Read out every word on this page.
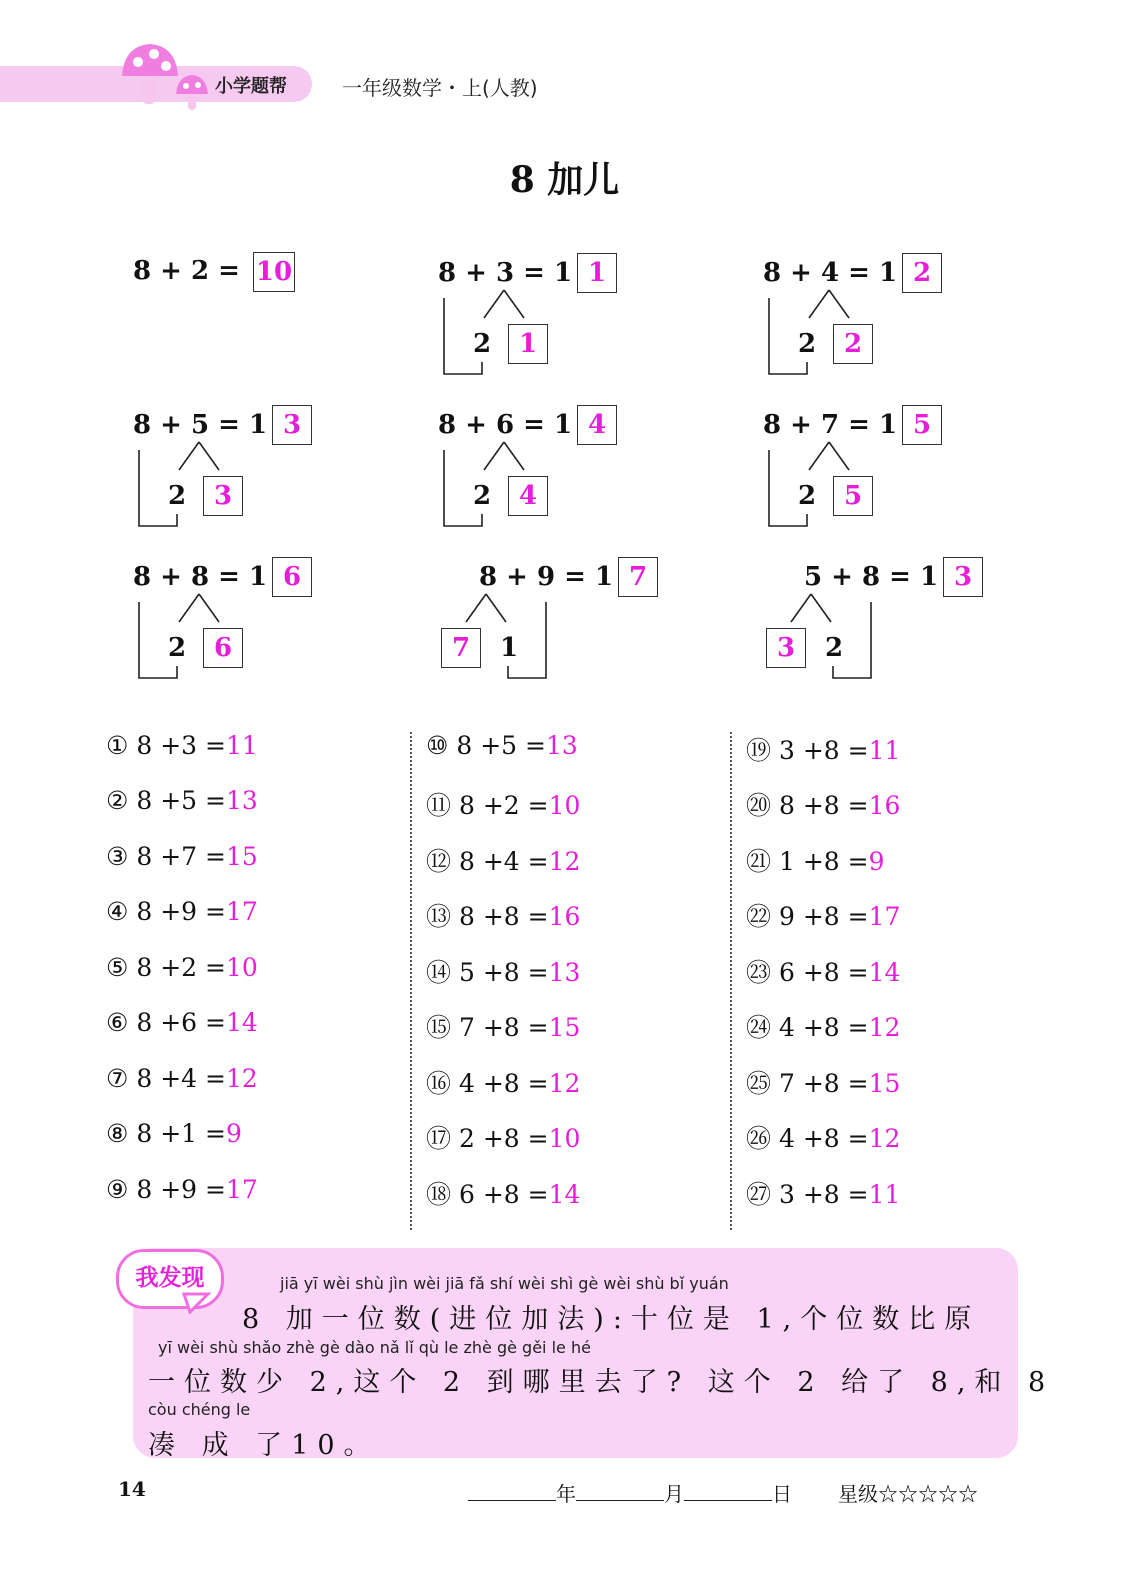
小学题帮	一年级数学・上(人教)
8 加儿
8 + 2 = 10	8 + 3 = 1 1
2	1
8 + 4 = 1 2
2	2
8 + 5 = 1 3
2	3
8 + 6 = 1 4
2	4
8 + 7 = 1 5
2	5
8 + 8 = 1 6
2	6
8 + 9 = 1 7
7	1
5 + 8 = 1 3
3	2
① 8 +3 =11
② 8 +5 =13
③ 8 +7 =15
④ 8 +9 =17
⑤ 8 +2 =10
⑥ 8 +6 =14
⑦ 8 +4 =12
⑧ 8 +1 =9
⑨ 8 +9 =17
⑩ 8 +5 =13
⑪ 8 +2 =10
⑫ 8 +4 =12
⑬ 8 +8 =16
⑭ 5 +8 =13
⑮ 7 +8 =15
⑯ 4 +8 =12
⑰ 2 +8 =10
⑱ 6 +8 =14
⑲ 3 +8 =11
⑳ 8 +8 =16
㉑ 1 +8 =9
㉒ 9 +8 =17
㉓ 6 +8 =14
㉔ 4 +8 =12
㉕ 7 +8 =15
㉖ 4 +8 =12
㉗ 3 +8 =11
我发现	jiā yī wèi shù jìn wèi jiā fǎ shí wèi shì gè wèi shù bǐ yuán
8 加一位数(进位加法):十位是 1,个位数比原
yī wèi shù shǎo zhè gè dào nǎ lǐ qù le zhè gè gěi le hé
一位数少 2,这个 2 到哪里去了? 这个 2 给了 8,和 8
còu chéng le
凑 成 了10。
14	年	月	日 星级☆☆☆☆☆
